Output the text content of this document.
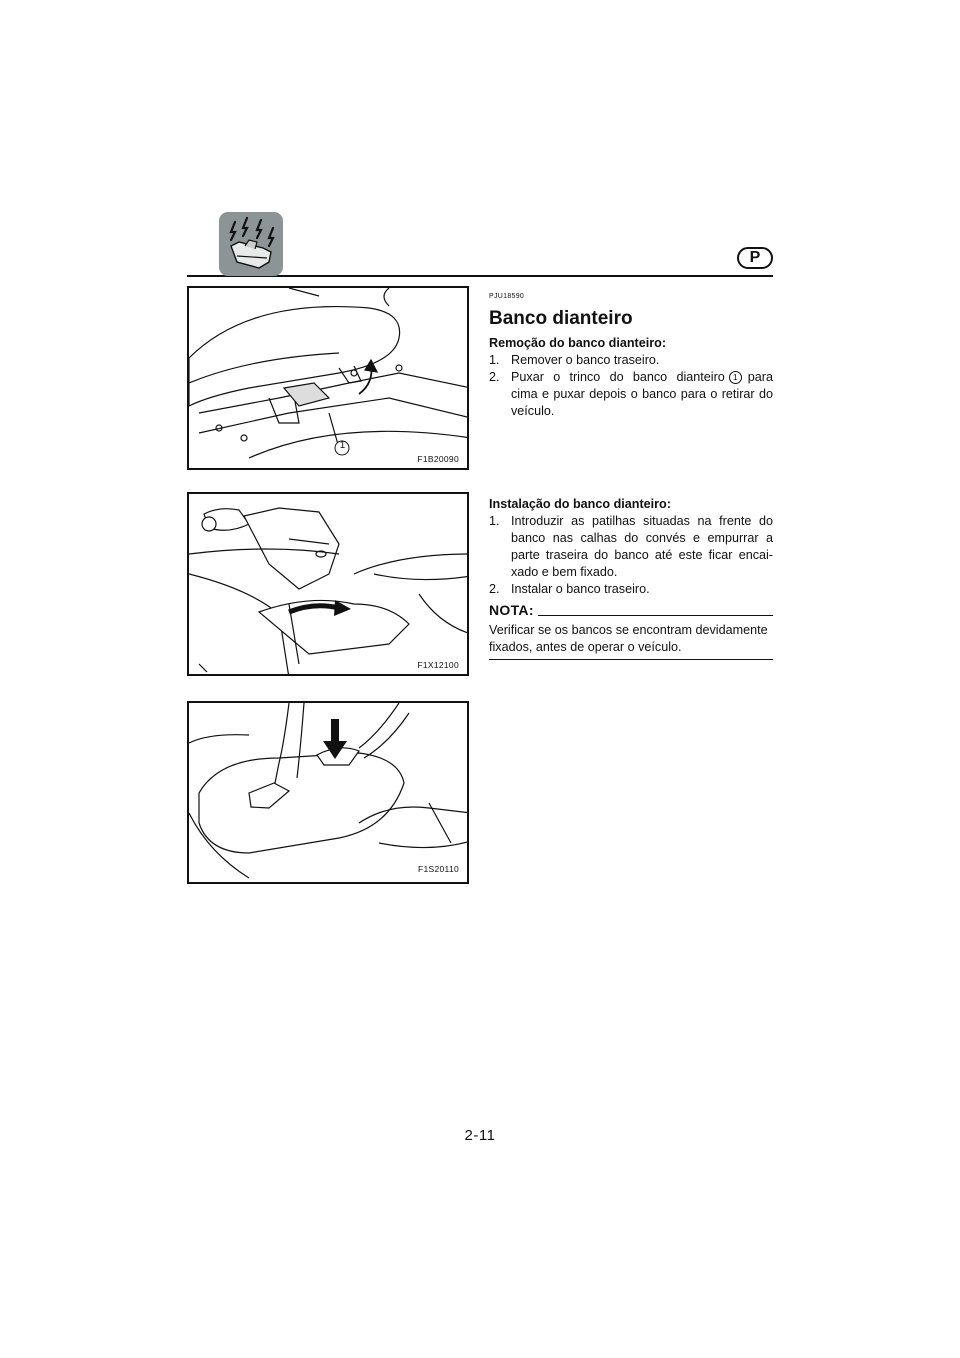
P
1
F1B20090
F1X12100
F1S20110
PJU18590
Banco dianteiro
Remoção do banco dianteiro:
1. Remover o banco traseiro.
2. Puxar o trinco do banco dianteiro 1 para cima e puxar depois o banco para o retirar do veículo.
Instalação do banco dianteiro:
1. Introduzir as patilhas situadas na frente do banco nas calhas do convés e empurrar a parte traseira do banco até este ficar encai-xado e bem fixado.
2. Instalar o banco traseiro.
NOTA:
Verificar se os bancos se encontram devidamente fixados, antes de operar o veículo.
2-11
